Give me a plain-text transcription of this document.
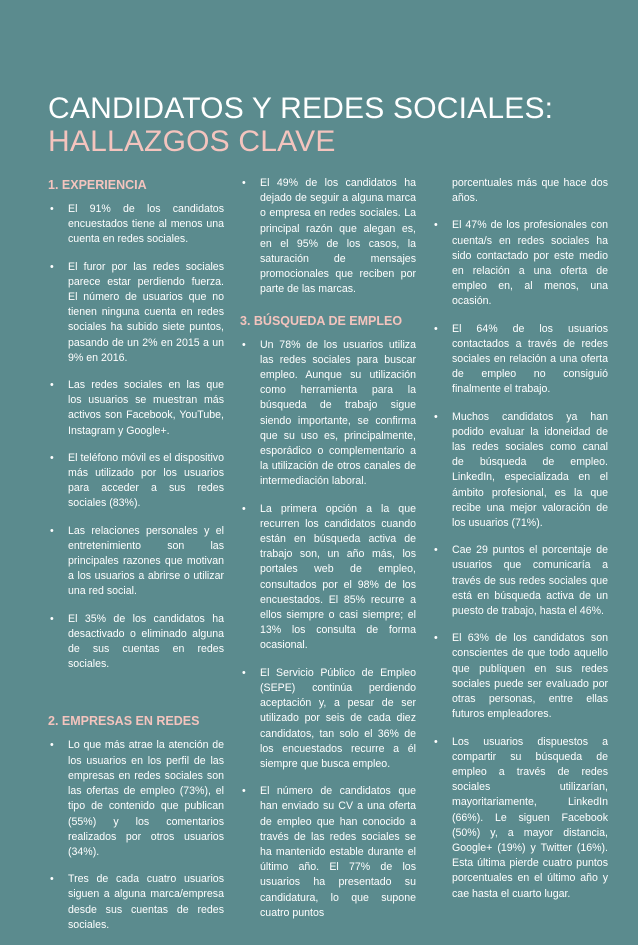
CANDIDATOS Y REDES SOCIALES:
HALLAZGOS CLAVE
1. EXPERIENCIA
• El 91% de los candidatos encuestados tiene al menos una cuenta en redes sociales.
• El furor por las redes sociales parece estar perdiendo fuerza. El número de usuarios que no tienen ninguna cuenta en redes sociales ha subido siete puntos, pasando de un 2% en 2015 a un 9% en 2016.
• Las redes sociales en las que los usuarios se muestran más activos son Facebook, YouTube, Instagram y Google+.
• El teléfono móvil es el dispositivo más utilizado por los usuarios para acceder a sus redes sociales (83%).
• Las relaciones personales y el entretenimiento son las principales razones que motivan a los usuarios a abrirse o utilizar una red social.
• El 35% de los candidatos ha desactivado o eliminado alguna de sus cuentas en redes sociales.
2. EMPRESAS EN REDES
• Lo que más atrae la atención de los usuarios en los perfil de las empresas en redes sociales son las ofertas de empleo (73%), el tipo de contenido que publican (55%) y los comentarios realizados por otros usuarios (34%).
• Tres de cada cuatro usuarios siguen a alguna marca/empresa desde sus cuentas de redes sociales.
• El 49% de los candidatos ha dejado de seguir a alguna marca o empresa en redes sociales. La principal razón que alegan es, en el 95% de los casos, la saturación de mensajes promocionales que reciben por parte de las marcas.
3. BÚSQUEDA DE EMPLEO
• Un 78% de los usuarios utiliza las redes sociales para buscar empleo. Aunque su utilización como herramienta para la búsqueda de trabajo sigue siendo importante, se confirma que su uso es, principalmente, esporádico o complementario a la utilización de otros canales de intermediación laboral.
• La primera opción a la que recurren los candidatos cuando están en búsqueda activa de trabajo son, un año más, los portales web de empleo, consultados por el 98% de los encuestados. El 85% recurre a ellos siempre o casi siempre; el 13% los consulta de forma ocasional.
• El Servicio Público de Empleo (SEPE) continúa perdiendo aceptación y, a pesar de ser utilizado por seis de cada diez candidatos, tan solo el 36% de los encuestados recurre a él siempre que busca empleo.
• El número de candidatos que han enviado su CV a una oferta de empleo que han conocido a través de las redes sociales se ha mantenido estable durante el último año. El 77% de los usuarios ha presentado su candidatura, lo que supone cuatro puntos
porcentuales más que hace dos años.
• El 47% de los profesionales con cuenta/s en redes sociales ha sido contactado por este medio en relación a una oferta de empleo en, al menos, una ocasión.
• El 64% de los usuarios contactados a través de redes sociales en relación a una oferta de empleo no consiguió finalmente el trabajo.
• Muchos candidatos ya han podido evaluar la idoneidad de las redes sociales como canal de búsqueda de empleo. LinkedIn, especializada en el ámbito profesional, es la que recibe una mejor valoración de los usuarios (71%).
• Cae 29 puntos el porcentaje de usuarios que comunicaría a través de sus redes sociales que está en búsqueda activa de un puesto de trabajo, hasta el 46%.
• El 63% de los candidatos son conscientes de que todo aquello que publiquen en sus redes sociales puede ser evaluado por otras personas, entre ellas futuros empleadores.
• Los usuarios dispuestos a compartir su búsqueda de empleo a través de redes sociales utilizarían, mayoritariamente, LinkedIn (66%). Le siguen Facebook (50%) y, a mayor distancia, Google+ (19%) y Twitter (16%). Esta última pierde cuatro puntos porcentuales en el último año y cae hasta el cuarto lugar.
